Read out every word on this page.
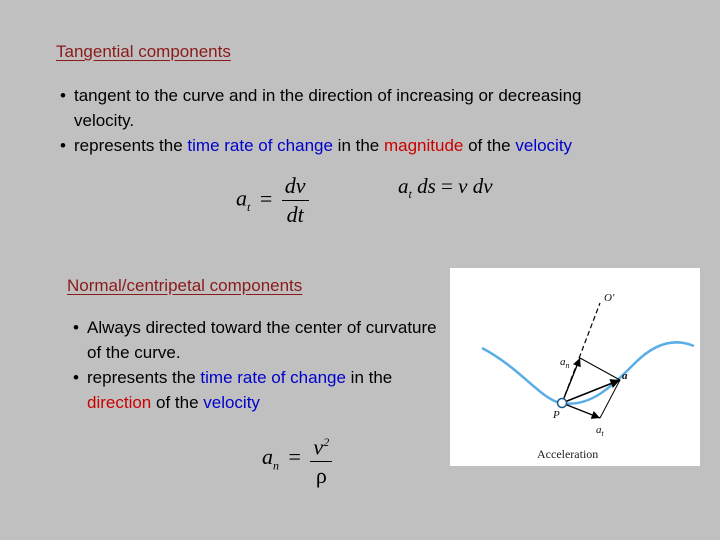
Tangential components
• tangent to the curve and in the direction of increasing or decreasing velocity.
• represents the time rate of change in the magnitude of the velocity
$a_t = \frac{dv}{dt}$	$a_t$ ds = v dv
Normal/centripetal components
• Always directed toward the center of curvature of the curve.
• represents the time rate of change in the direction of the velocity
$a_n = \frac{v^2}{\rho}$
O′
$a_n$
a
$a_t$
P
Acceleration
